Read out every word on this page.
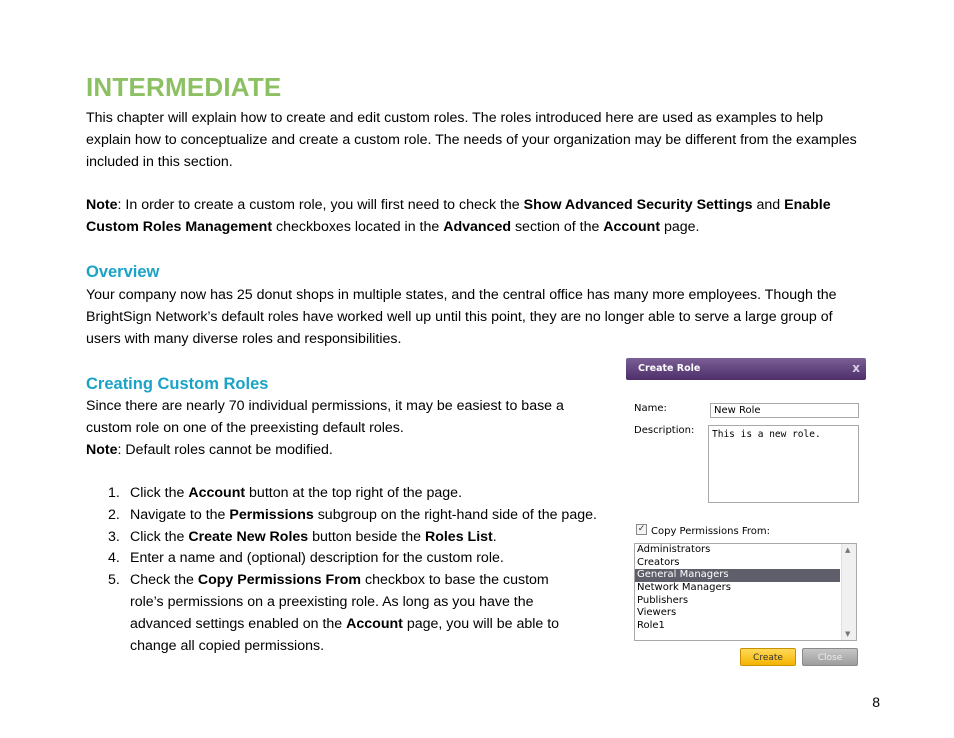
INTERMEDIATE
This chapter will explain how to create and edit custom roles. The roles introduced here are used as examples to help explain how to conceptualize and create a custom role. The needs of your organization may be different from the examples included in this section.
Note: In order to create a custom role, you will first need to check the Show Advanced Security Settings and Enable Custom Roles Management checkboxes located in the Advanced section of the Account page.
Overview
Your company now has 25 donut shops in multiple states, and the central office has many more employees. Though the BrightSign Network’s default roles have worked well up until this point, they are no longer able to serve a large group of users with many diverse roles and responsibilities.
Creating Custom Roles
Since there are nearly 70 individual permissions, it may be easiest to base a custom role on one of the preexisting default roles.
Note: Default roles cannot be modified.
1. Click the Account button at the top right of the page.
2. Navigate to the Permissions subgroup on the right-hand side of the page.
3. Click the Create New Roles button beside the Roles List.
4. Enter a name and (optional) description for the custom role.
5. Check the Copy Permissions From checkbox to base the custom role’s permissions on a preexisting role. As long as you have the advanced settings enabled on the Account page, you will be able to change all copied permissions.
Create Role	x
Name:	New Role
Description:	This is a new role.
✓ Copy Permissions From:
Administrators
Creators
General Managers
Network Managers
Publishers
Viewers
Role1
▲
▼
Create	Close
8
